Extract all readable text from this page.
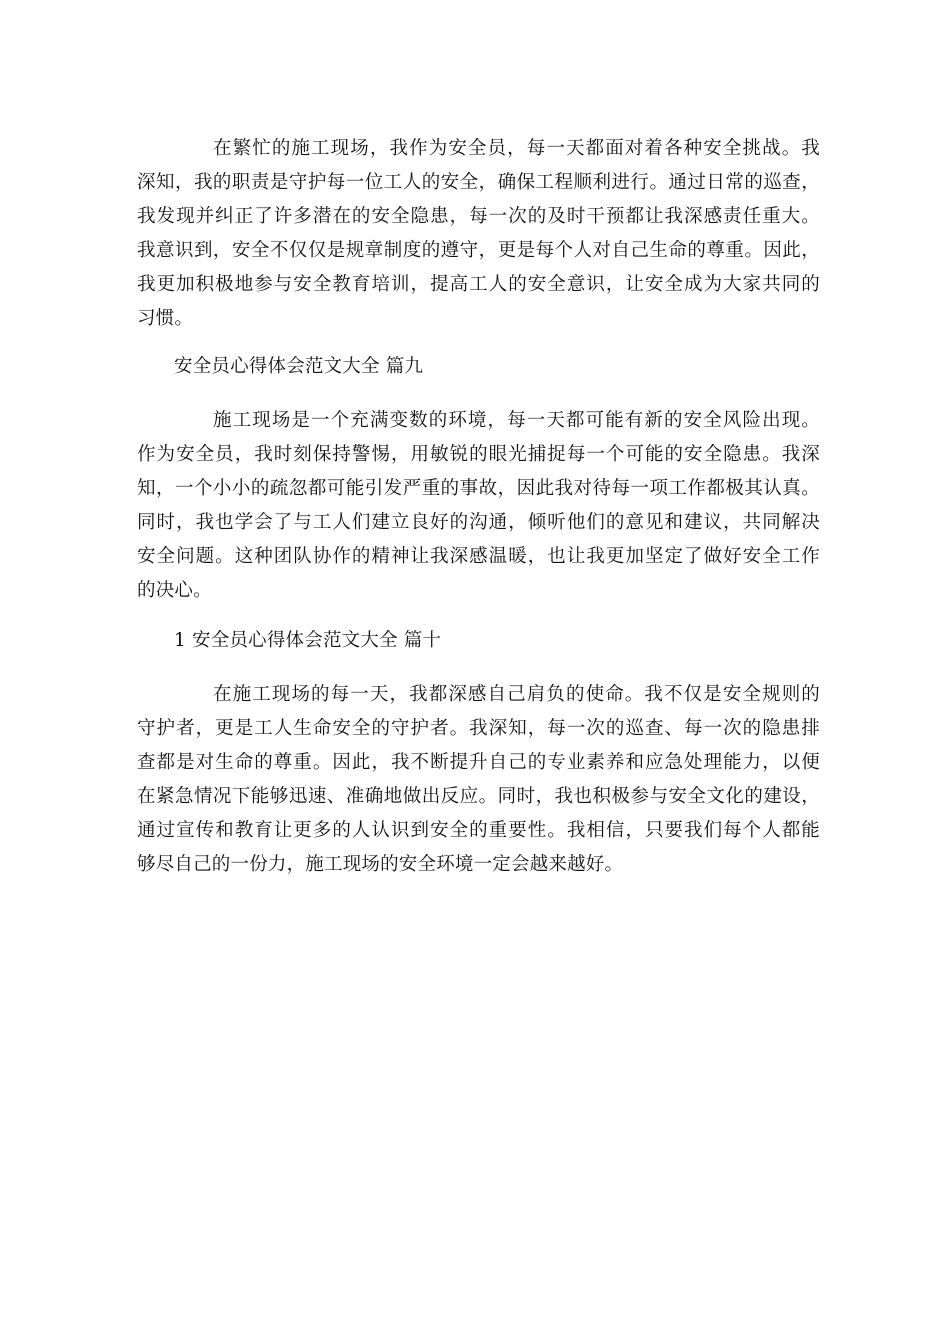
在繁忙的施工现场，我作为安全员，每一天都面对着各种安全挑战。我
深知，我的职责是守护每一位工人的安全，确保工程顺利进行。通过日常的巡查，
我发现并纠正了许多潜在的安全隐患，每一次的及时干预都让我深感责任重大。
我意识到，安全不仅仅是规章制度的遵守，更是每个人对自己生命的尊重。因此，
我更加积极地参与安全教育培训，提高工人的安全意识，让安全成为大家共同的
习惯。
安全员心得体会范文大全 篇九
施工现场是一个充满变数的环境，每一天都可能有新的安全风险出现。
作为安全员，我时刻保持警惕，用敏锐的眼光捕捉每一个可能的安全隐患。我深
知，一个小小的疏忽都可能引发严重的事故，因此我对待每一项工作都极其认真。
同时，我也学会了与工人们建立良好的沟通，倾听他们的意见和建议，共同解决
安全问题。这种团队协作的精神让我深感温暖，也让我更加坚定了做好安全工作
的决心。
1 安全员心得体会范文大全 篇十
在施工现场的每一天，我都深感自己肩负的使命。我不仅是安全规则的
守护者，更是工人生命安全的守护者。我深知，每一次的巡查、每一次的隐患排
查都是对生命的尊重。因此，我不断提升自己的专业素养和应急处理能力，以便
在紧急情况下能够迅速、准确地做出反应。同时，我也积极参与安全文化的建设，
通过宣传和教育让更多的人认识到安全的重要性。我相信，只要我们每个人都能
够尽自己的一份力，施工现场的安全环境一定会越来越好。
